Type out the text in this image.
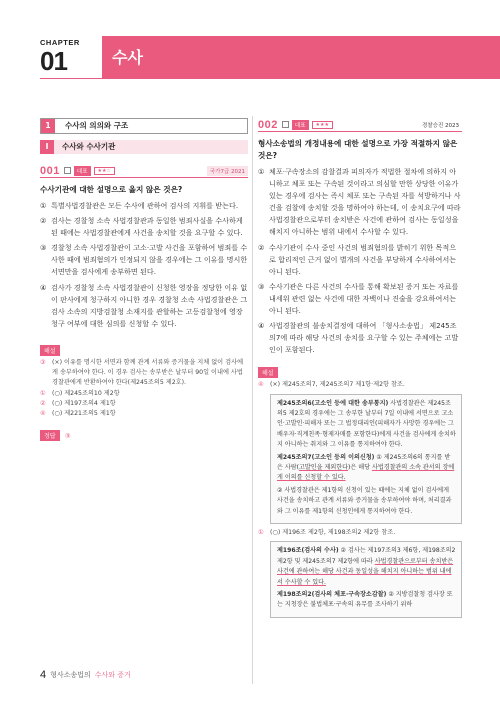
CHAPTER
01	수사
1	수사의 의의와 구조
I	수사와 수사기관
001	대표	★★☆	국가7급 2021
수사기관에 대한 설명으로 옳지 않은 것은?
① 특별사법경찰관은 모든 수사에 관하여 검사의 지휘를 받는다.
② 검사는 경찰청 소속 사법경찰관과 동일한 범죄사실을 수사하게 된 때에는 사법경찰관에게 사건을 송치할 것을 요구할 수 있다.
③ 경찰청 소속 사법경찰관이 고소·고발 사건을 포함하여 범죄를 수사한 때에 범죄혐의가 인정되지 않을 경우에는 그 이유를 명시한 서면만을 검사에게 송부하면 된다.
④ 검사가 경찰청 소속 사법경찰관이 신청한 영장을 정당한 이유 없이 판사에게 청구하지 아니한 경우 경찰청 소속 사법경찰관은 그 검사 소속의 지방검찰청 소재지를 관할하는 고등검찰청에 영장 청구 여부에 대한 심의를 신청할 수 있다.
해설
③	(×) 이유를 명시한 서면과 함께 관계 서류와 증거물을 지체 없이 검사에게 송부하여야 한다. 이 경우 검사는 송부받은 날부터 90일 이내에 사법경찰관에게 반환하여야 한다(제245조의5 제2호).
①	(○) 제245조의10 제2항
②	(○) 제197조의4 제1항
④	(○) 제221조의5 제1항
정답 ③
002	대표	★★★	경찰승진 2023
형사소송법의 개정내용에 대한 설명으로 가장 적절하지 않은 것은?
① 체포·구속장소의 감찰결과 피의자가 적법한 절차에 의하지 아니하고 체포 또는 구속된 것이라고 의심할 만한 상당한 이유가 있는 경우에 검사는 즉시 체포 또는 구속된 자를 석방하거나 사건을 검찰에 송치할 것을 명하여야 하는데, 이 송치요구에 따라 사법경찰관으로부터 송치받은 사건에 관하여 검사는 동일성을 해치지 아니하는 범위 내에서 수사할 수 있다.
② 수사기관이 수사 중인 사건의 범죄혐의를 밝히기 위한 목적으로 합리적인 근거 없이 별개의 사건을 부당하게 수사하여서는 아니 된다.
③ 수사기관은 다른 사건의 수사를 통해 확보된 증거 또는 자료를 내세워 관련 없는 사건에 대한 자백이나 진술을 강요하여서는 아니 된다.
④ 사법경찰관의 불송치결정에 대하여 「형사소송법」 제245조의7에 따라 해당 사건의 송치를 요구할 수 있는 주체에는 고발인이 포함된다.
해설
④	(×) 제245조의7, 제245조의7 제1항·제2항 참조.
제245조의6(고소인 등에 대한 송부통지) 사법경찰관은 제245조의5 제2호의 경우에는 그 송부한 날부터 7일 이내에 서면으로 고소인·고발인·피해자 또는 그 법정대리인(피해자가 사망한 경우에는 그 배우자·직계친족·형제자매를 포함한다)에게 사건을 검사에게 송치하지 아니하는 취지와 그 이유를 통지하여야 한다.
제245조의7(고소인 등의 이의신청) ① 제245조의6의 통지를 받은 사람(고발인을 제외한다)은 해당 사법경찰관의 소속 관서의 장에게 이의를 신청할 수 있다.
② 사법경찰관은 제1항의 신청이 있는 때에는 지체 없이 검사에게 사건을 송치하고 관계 서류와 증거물을 송부하여야 하며, 처리결과와 그 이유를 제1항의 신청인에게 통지하여야 한다.
①	(○) 제196조 제2항, 제198조의2 제2항 참조.
제196조(검사의 수사) ② 검사는 제197조의3 제6항, 제198조의2 제2항 및 제245조의7 제2항에 따라 사법경찰관으로부터 송치받은 사건에 관하여는 해당 사건과 동일성을 해치지 아니하는 범위 내에서 수사할 수 있다.
제198조의2(검사의 체포·구속장소감찰) ② 지방검찰청 검사장 또는 지청장은 불법체포·구속의 유무를 조사하기 위하
4 형사소송법의 수사와 증거
